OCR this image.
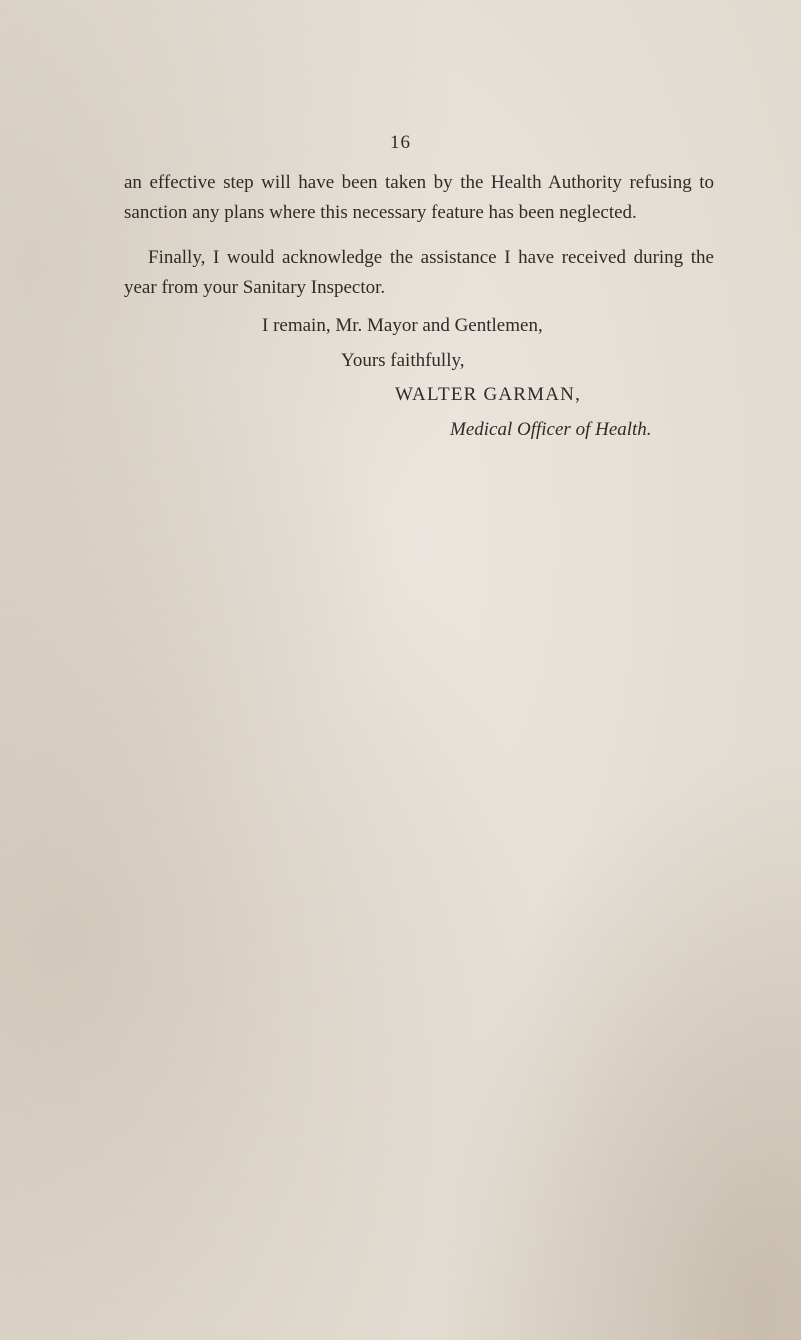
16

an effective step will have been taken by the Health Authority refusing to sanction any plans where this necessary feature has been neglected.

Finally, I would acknowledge the assistance I have received during the year from your Sanitary Inspector.

I remain, Mr. Mayor and Gentlemen,
Yours faithfully,
WALTER GARMAN,
Medical Officer of Health.
